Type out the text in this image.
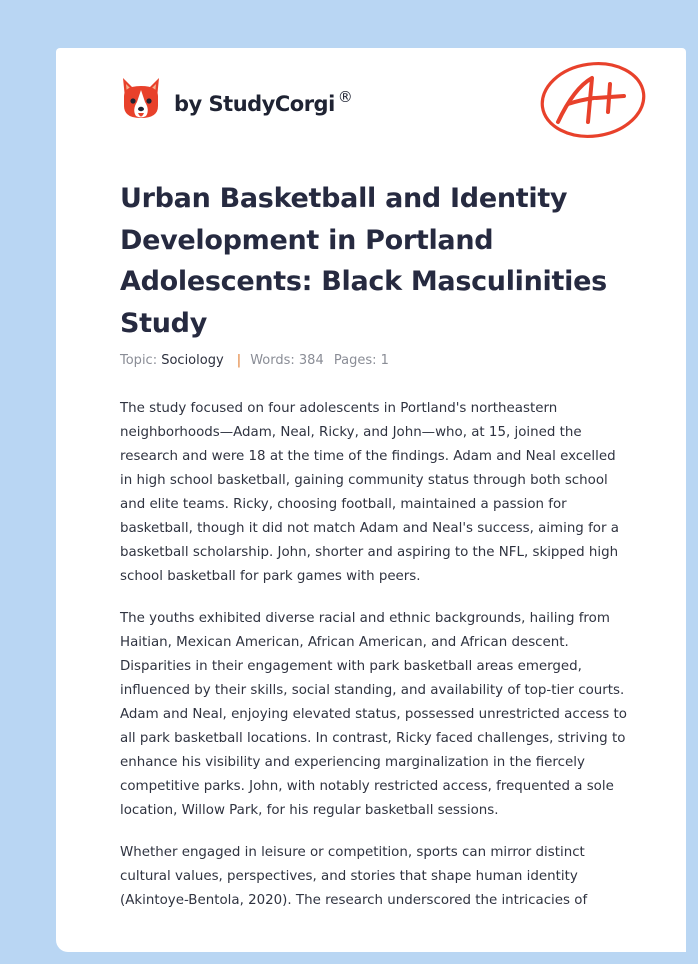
by StudyCorgi ®
Urban Basketball and Identity Development in Portland Adolescents: Black Masculinities Study
Topic: Sociology | Words: 384 Pages: 1

The study focused on four adolescents in Portland's northeastern neighborhoods—Adam, Neal, Ricky, and John—who, at 15, joined the research and were 18 at the time of the findings. Adam and Neal excelled in high school basketball, gaining community status through both school and elite teams. Ricky, choosing football, maintained a passion for basketball, though it did not match Adam and Neal's success, aiming for a basketball scholarship. John, shorter and aspiring to the NFL, skipped high school basketball for park games with peers.

The youths exhibited diverse racial and ethnic backgrounds, hailing from Haitian, Mexican American, African American, and African descent. Disparities in their engagement with park basketball areas emerged, influenced by their skills, social standing, and availability of top-tier courts. Adam and Neal, enjoying elevated status, possessed unrestricted access to all park basketball locations. In contrast, Ricky faced challenges, striving to enhance his visibility and experiencing marginalization in the fiercely competitive parks. John, with notably restricted access, frequented a sole location, Willow Park, for his regular basketball sessions.

Whether engaged in leisure or competition, sports can mirror distinct cultural values, perspectives, and stories that shape human identity (Akintoye-Bentola, 2020). The research underscored the intricacies of
